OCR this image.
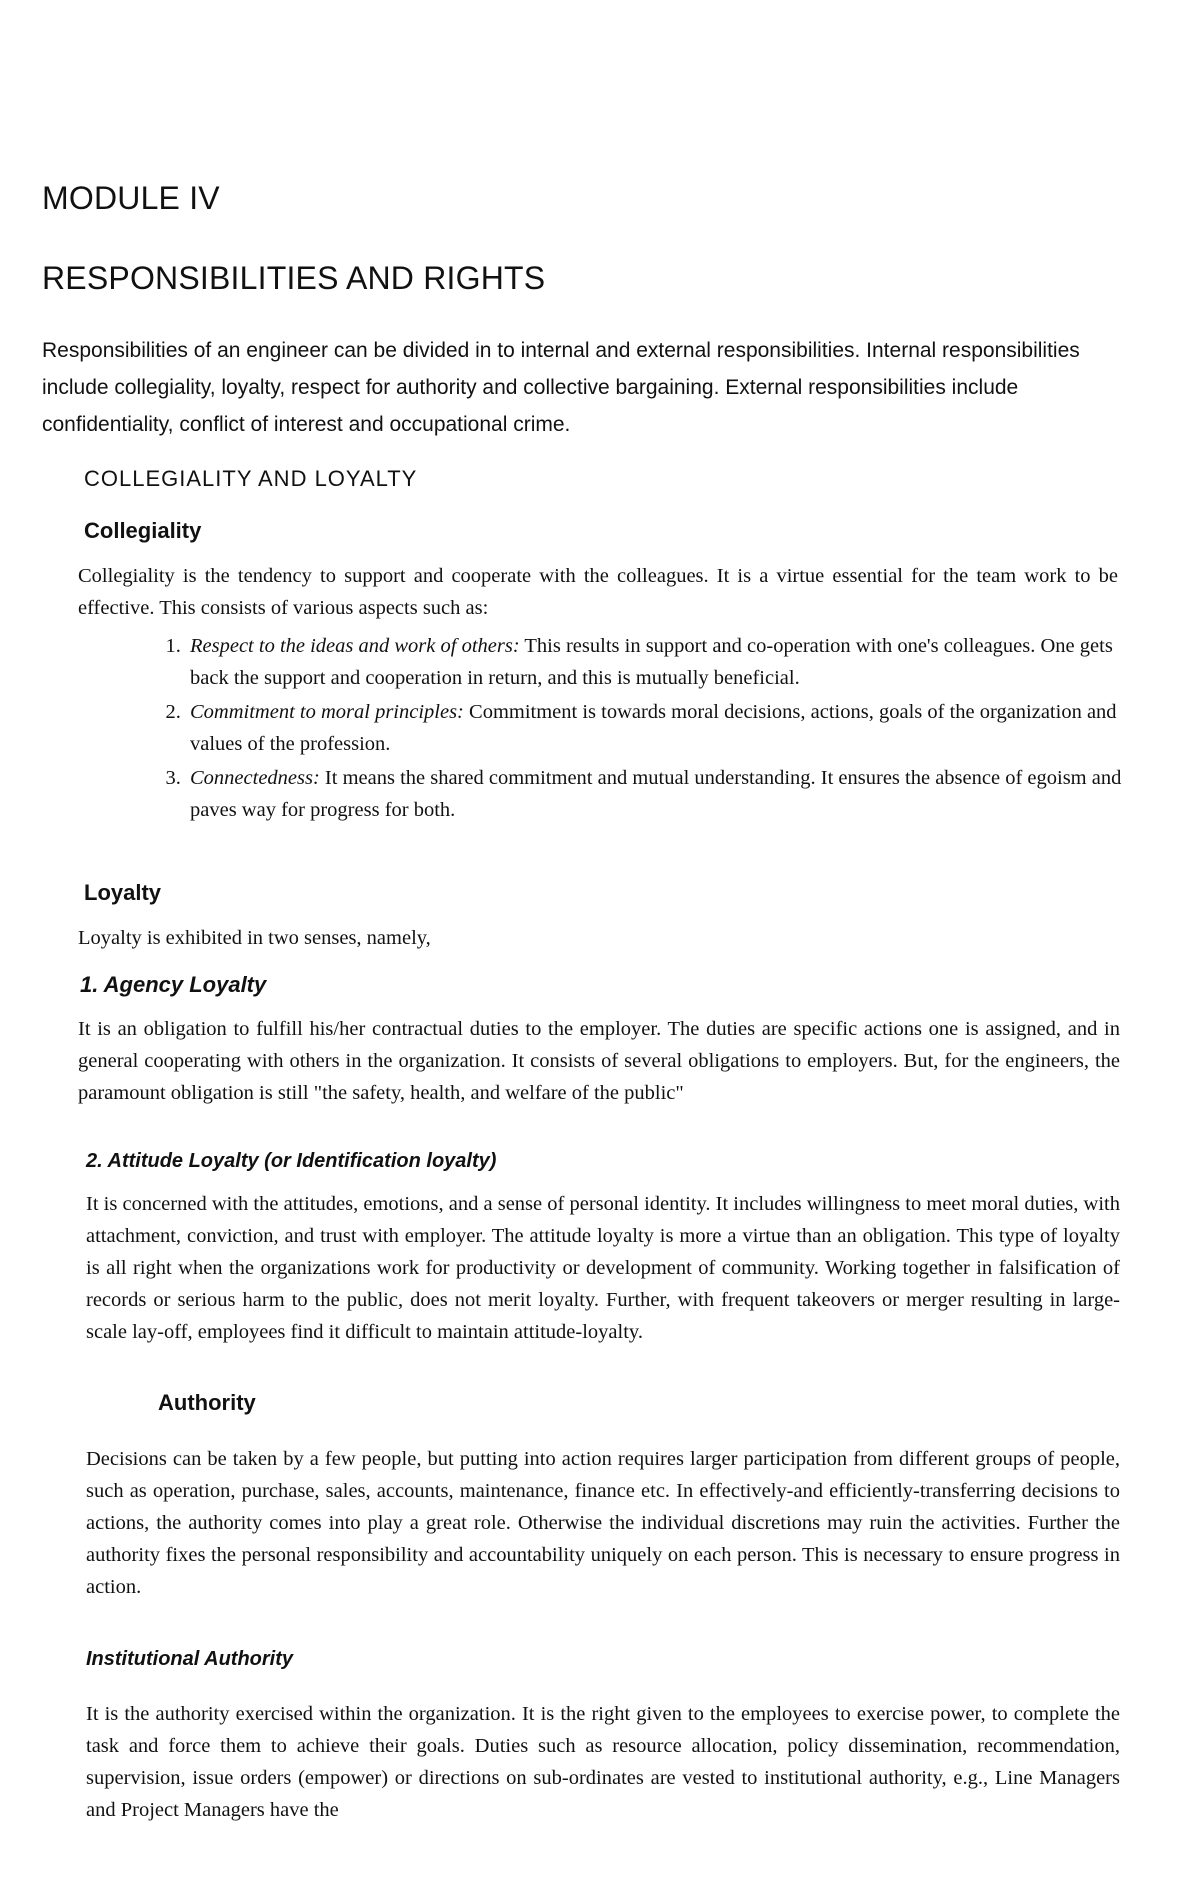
MODULE IV
RESPONSIBILITIES AND RIGHTS
Responsibilities of an engineer can be divided in to internal and external responsibilities. Internal responsibilities include collegiality, loyalty, respect for authority and collective bargaining. External responsibilities include confidentiality, conflict of interest and occupational crime.
COLLEGIALITY AND LOYALTY
Collegiality
Collegiality is the tendency to support and cooperate with the colleagues. It is a virtue essential for the team work to be effective. This consists of various aspects such as:
1. Respect to the ideas and work of others: This results in support and co-operation with one's colleagues. One gets back the support and cooperation in return, and this is mutually beneficial.
2. Commitment to moral principles: Commitment is towards moral decisions, actions, goals of the organization and values of the profession.
3. Connectedness: It means the shared commitment and mutual understanding. It ensures the absence of egoism and paves way for progress for both.
Loyalty
Loyalty is exhibited in two senses, namely,
1. Agency Loyalty
It is an obligation to fulfill his/her contractual duties to the employer. The duties are specific actions one is assigned, and in general cooperating with others in the organization. It consists of several obligations to employers. But, for the engineers, the paramount obligation is still "the safety, health, and welfare of the public"
2. Attitude Loyalty (or Identification loyalty)
It is concerned with the attitudes, emotions, and a sense of personal identity. It includes willingness to meet moral duties, with attachment, conviction, and trust with employer. The attitude loyalty is more a virtue than an obligation. This type of loyalty is all right when the organizations work for productivity or development of community. Working together in falsification of records or serious harm to the public, does not merit loyalty. Further, with frequent takeovers or merger resulting in large-scale lay-off, employees find it difficult to maintain attitude-loyalty.
Authority
Decisions can be taken by a few people, but putting into action requires larger participation from different groups of people, such as operation, purchase, sales, accounts, maintenance, finance etc. In effectively-and efficiently-transferring decisions to actions, the authority comes into play a great role. Otherwise the individual discretions may ruin the activities. Further the authority fixes the personal responsibility and accountability uniquely on each person. This is necessary to ensure progress in action.
Institutional Authority
It is the authority exercised within the organization. It is the right given to the employees to exercise power, to complete the task and force them to achieve their goals. Duties such as resource allocation, policy dissemination, recommendation, supervision, issue orders (empower) or directions on sub-ordinates are vested to institutional authority, e.g., Line Managers and Project Managers have the
